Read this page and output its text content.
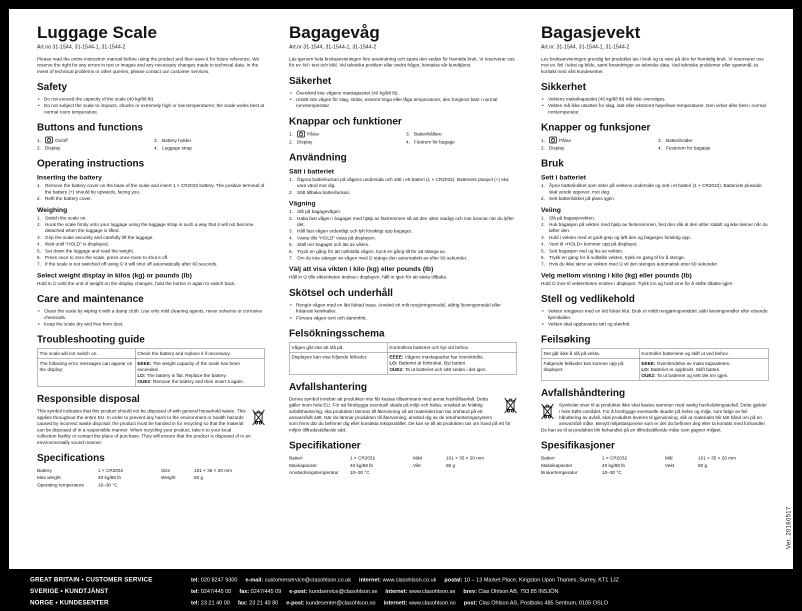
Luggage Scale
Art.no 31-1544, 31-1544-1, 31-1544-2

Please read the entire instruction manual before using the product and then save it for future reference. We reserve the right for any errors in text or images and any necessary changes made to technical data. In the event of technical problems or other queries, please contact our customer services.

Safety
• Do not exceed the capacity of the scale (40 kg/88 lb).
• Do not subject the scale to impacts, shocks or extremely high or low temperatures; the scale works best at normal room temperature.
Buttons and functions
1. On/off
2. Display
3. Battery holder
4. Luggage strap
Operating instructions
Inserting the battery
Remove the battery cover on the base of the scale and insert 1 × CR2032 battery. The positive terminal of the battery (+) should be upwards, facing you.
Refit the battery cover.
Weighing
Switch the scale on.
Hook the scale firmly onto your luggage using the luggage strap in such a way that it will not become detached when the luggage is lifted.
Grip the scale securely and carefully lift the luggage.
Wait until "HOLD" is displayed.
Set down the luggage and read the weight.
Press once to zero the scale, press once more to shut it off.
If the scale is not switched off using ⏻ it will shut off automatically after 60 seconds.
Select weight display in kilos (kg) or pounds (lb)

Hold in ⏻ until the unit of weight on the display changes, hold the button in again to switch back.

Care and maintenance
• Clean the scale by wiping it with a damp cloth. Use only mild cleaning agents, never solvents or corrosive chemicals.
• Keep the scale dry and free from dust.
Troubleshooting guide
The scale will not switch on.	Check the battery and replace it if necessary.

The following error messages can appear on the display:	EEEE: The weight capacity of the scale has been exceeded.
LO: The battery is flat. Replace the battery.
OUE2: Remove the battery and then insert it again.
Responsible disposal

This symbol indicates that this product should not be disposed of with general household waste. This applies throughout the entire EU. In order to prevent any harm to the environment or health hazards caused by incorrect waste disposal, the product must be handed in for recycling so that the material can be disposed of in a responsible manner. When recycling your product, take it to your local collection facility or contact the place of purchase. They will ensure that the product is disposed of in an environmentally sound manner.

Specifications
Battery	1 × CR2032	Size	101 × 35 × 20 mm
Max weight	40 kg/88 lb	Weight	80 g
Operating temperature	10–30 °C
Bagagevåg
Art.nr 31-1544, 31-1544-1, 31-1544-2

Läs igenom hela bruksanvisningen före användning och spara den sedan för framtida bruk. Vi reserverar oss för ev. fel i text och bild. Vid tekniska problem eller andra frågor, kontakta vår kundtjänst.

Säkerhet
• Överskrid inte vågens maxkapacitet (40 kg/88 lb).
• Utsätt inte vågen för slag, stötar, extremt höga eller låga temperaturer, den fungerar bäst i normal rumstemperatur.
Knappar och funktioner
1. På/av
2. Display
3. Batterihållare
4. Fästrem för bagage
Användning
Sätt i batteriet
Öppna batteriluckan på vågens undersida och sätt i ett batteri (1 × CR2032). Batteriets pluspol (+) ska vara vänd mot dig.
Sätt tillbaka batteriluckan.
Vägning
Slå på bagagevågen.
Haka fast vågen i bagaget med hjälp av fästremmen så att den sitter stadigt och inte lossnar när du lyfter det.
Håll fast vågen ordentligt och lyft försiktigt upp bagaget.
Vänta tills "HOLD" visas på displayen.
Ställ ner bagaget och läs av vikten.
Tryck en gång för att nollställa vågen, tryck en gång till för att stänga av.
Om du inte stänger av vågen med ⏻ stängs den automatiskt av efter 60 sekunder.
Välj att visa vikten i kilo (kg) eller pounds (lb)

Håll in ⏻ tills viktenheten ändras i displayen, håll in igen för att växla tillbaka.

Skötsel och underhåll
• Rengör vågen med en lätt fuktad trasa. Använd ett milt rengöringsmedel, aldrig lösningsmedel eller frätande kemikalier.
• Förvara vågen torrt och dammfritt.
Felsökningsschema
Vågen går inte att slå på.	Kontrollera batteriet och byt vid behov.

Displayen kan visa följande felkoder:	EEEE: Vågens maxkapacitet har överskridits.
LO: Batteriet är förbrukat. Byt batteri.
OUE2: Ta ut batteriet och sätt sedan i det igen.
Avfallshantering

Denna symbol innebär att produkten inte får kastas tillsammans med annat hushållsavfall. Detta gäller inom hela EU. För att förebygga eventuell skada på miljö och hälsa, orsakad av felaktig avfallshantering, ska produkten lämnas till återvinning så att materialet kan tas omhand på ett ansvarsfullt sätt. När du lämnar produkten till återvinning, använd dig av de returhanteringssystem som finns där du befinner dig eller kontakta inköpsstället. De kan se till att produkten tas om hand på ett för miljön tillfredsställande sätt.

Specifikationer
Batteri	1 × CR2032	Mått	101 × 35 × 20 mm
Maxkapacitet	40 kg/88 lb	Vikt	80 g
Användningstemperatur	10–30 °C
Bagasjevekt
Art.nr. 31-1544, 31-1544-1, 31-1544-2

Les bruksanvisningen grundig før produktet tas i bruk og ta vare på den for fremtidig bruk. Vi reserverer oss mot ev. feil i tekst og bilde, samt forandringer av tekniske data. Ved tekniske problemer eller spørsmål, ta kontakt med vårt kundesenter.

Sikkerhet
• Vektens maksikapasitet (40 kg/88 lb) må ikke overstiges.
• Vekten må ikke utsettes for slag, støt eller ekstremt høye/lave temperaturer. Den virker aller best i normal romtemperatur.
Knapper og funksjoner
1. På/av
2. Display
3. Batteriholder
4. Festerem for bagasje
Bruk
Sett i batteriet
Åpne batterilokket som sitter på vektens underside og sett i et batteri (1 × CR2032). Batteriets plusside skal vende oppover, mot deg.
Sett batterilokket på plass igjen.
Veiing
Slå på bagasjevekten.
Huk bagasjen på vekten med hjelp av festeremmen, fest den slik at den sitter stabilt og ikke løsner når du løfter den.
Hold i vekten med et godt grep og løft den og bagasjen forsiktig opp.
Vent til «HOLD» kommer opp på displayet.
Sett bagasjen ned og les av vekten.
Trykk en gang for å nullstille vekten, trykk en gang til for å stenge.
Hvis du ikke skrur av vekten med ⏻ vil den stenges automatisk etter 60 sekunder.
Velg mellom visning i kilo (kg) eller pounds (lb)

Hold ⏻ inne til vektenheten endres i displayet. Trykk inn og hold inne for å skifte tilbake igjen.

Stell og vedlikehold
• Vekten rengjøres med en lett fuktet klut. Bruk et mildt rengjøringsmiddel, aldri løsningsmidler eller etsende kjemikalier.
• Vekten skal oppbevares tørt og støvfritt.
Feilsøking
Det går ikke å slå på vekta.	Kontroller batteriene og skift ut ved behov.

Følgende feilkoder kan komme opp på displayet:	EEEE: Overskridelse av maks kapasiteten.
LO: Batteriet er oppbrukt. Skift batteri.
OUE2: Ta ut batteriet og sett det inn igjen.
Avfallshåndtering

Symbolet viser til at produktet ikke skal kastes sammen med vanlig husholdningsavfall. Dette gjelder i hele EØS-området. For å forebygge eventuelle skader på helse og miljø, som følge av feil håndtering av avfall, skal produktet leveres til gjenvinning, slik at materialet blir tatt hånd om på en ansvarsfull måte. Benytt miljøstasjonene som er der du befinner deg eller ta kontakt med forhandler. De kan se til at produktet blir behandlet på en tilfredsstillende måte som gagner miljøet.

Spesifikasjoner
Batteri	1 × CR2032	Mål	101 × 35 × 20 mm
Maksikapasitet	40 kg/88 lb	Vekt	80 g
Brukertemperatur	10–30 °C
Ver. 20160517
GREAT BRITAIN • CUSTOMER SERVICE	tel: 020 8247 9300 e-mail: customerservice@clasohlson.co.uk internet: www.clasohlson.co.uk postal: 10 – 13 Market Place, Kingston Upon Thames, Surrey, KT1 1JZ
SVERIGE • KUNDTJÄNST	tel: 0247/445 00 fax: 0247/445 09 e-post: kundservice@clasohlson.se internet: www.clasohlson.se brev: Clas Ohlson AB, 793 85 INSJÖN
NORGE • KUNDESENTER	tel: 23 21 40 00 fax: 23 21 40 80 e-post: kundesenter@clasohlson.no internett: www.clasohlson.no post: Clas Ohlson AS, Postboks 485 Sentrum, 0105 OSLO
